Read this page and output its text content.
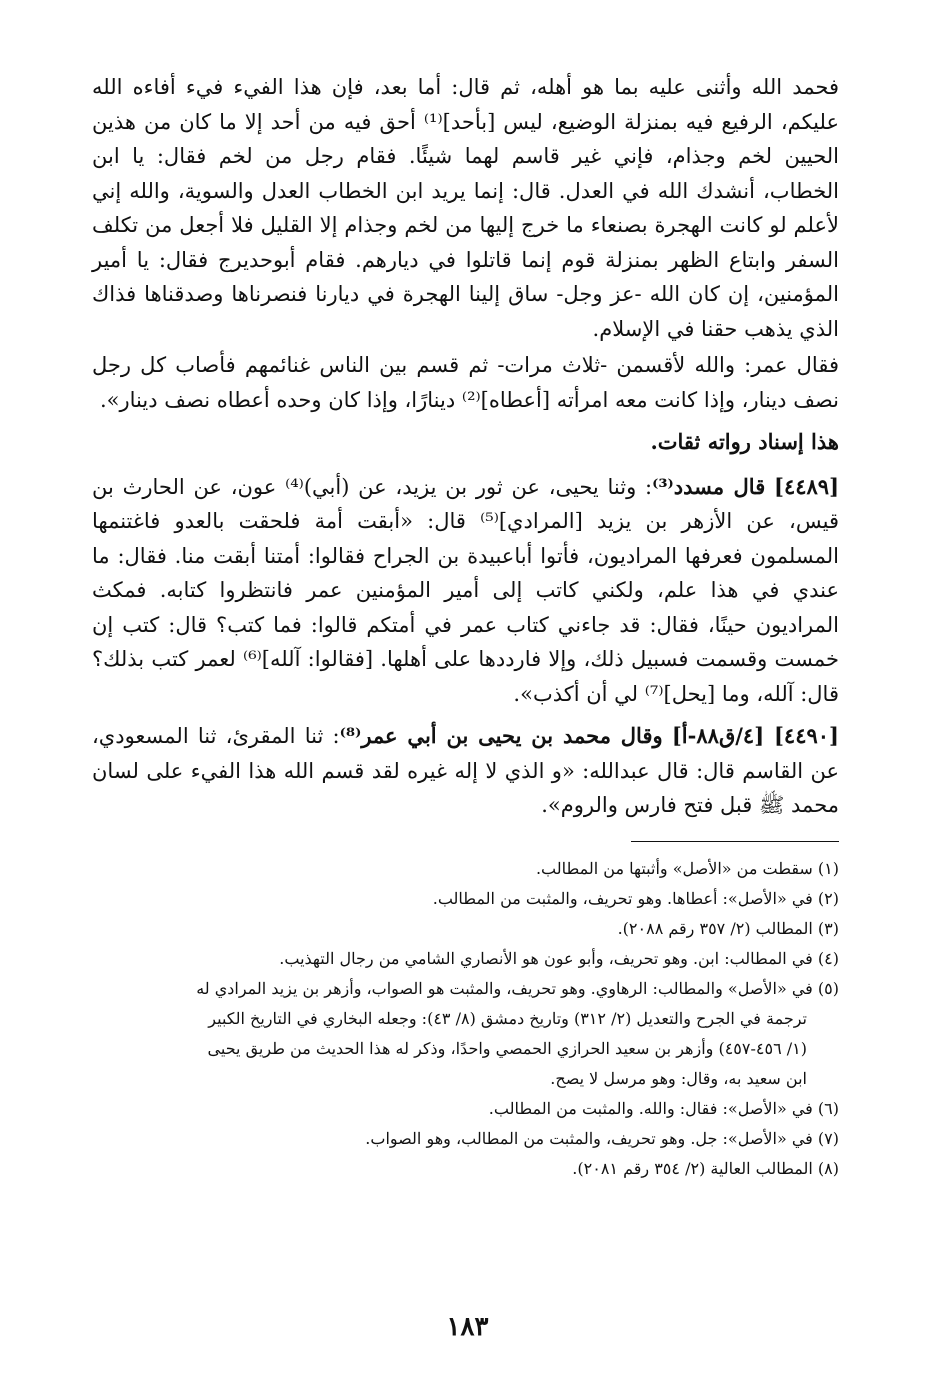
فحمد الله وأثنى عليه بما هو أهله، ثم قال: أما بعد، فإن هذا الفيء فيء أفاءه الله عليكم، الرفيع فيه بمنزلة الوضيع، ليس [بأحد]⁽¹⁾ أحق فيه من أحد إلا ما كان من هذين الحيين لخم وجذام، فإني غير قاسم لهما شيئًا. فقام رجل من لخم فقال: يا ابن الخطاب، أنشدك الله في العدل. قال: إنما يريد ابن الخطاب العدل والسوية، والله إني لأعلم لو كانت الهجرة بصنعاء ما خرج إليها من لخم وجذام إلا القليل فلا أجعل من تكلف السفر وابتاع الظهر بمنزلة قوم إنما قاتلوا في ديارهم. فقام أبوحديرج فقال: يا أمير المؤمنين، إن كان الله -عز وجل- ساق إلينا الهجرة في ديارنا فنصرناها وصدقناها فذاك الذي يذهب حقنا في الإسلام.

فقال عمر: والله لأقسمن -ثلاث مرات- ثم قسم بين الناس غنائمهم فأصاب كل رجل نصف دينار، وإذا كانت معه امرأته [أعطاه]⁽²⁾ دينارًا، وإذا كان وحده أعطاه نصف دينار».

هذا إسناد رواته ثقات.

[٤٤٨٩] قال مسدد⁽³⁾: وثنا يحيى، عن ثور بن يزيد، عن (أبي)⁽⁴⁾ عون، عن الحارث بن قيس، عن الأزهر بن يزيد [المرادي]⁽⁵⁾ قال: «أبقت أمة فلحقت بالعدو فاغتنمها المسلمون فعرفها المراديون، فأتوا أباعبيدة بن الجراح فقالوا: أمتنا أبقت منا. فقال: ما عندي في هذا علم، ولكني كاتب إلى أمير المؤمنين عمر فانتظروا كتابه. فمكث المراديون حينًا، فقال: قد جاءني كتاب عمر في أمتكم قالوا: فما كتب؟ قال: كتب إن خمست وقسمت فسبيل ذلك، وإلا فارددها على أهلها. [فقالوا: آلله]⁽⁶⁾ لعمر كتب بذلك؟ قال: آلله، وما [يحل]⁽⁷⁾ لي أن أكذب».

[٤٤٩٠] [٤/ق٨٨-أ] وقال محمد بن يحيى بن أبي عمر⁽⁸⁾: ثنا المقرئ، ثنا المسعودي، عن القاسم قال: قال عبدالله: «و الذي لا إله غيره لقد قسم الله هذا الفيء على لسان محمد ﷺ قبل فتح فارس والروم».

(١) سقطت من «الأصل» وأثبتها من المطالب.

(٢) في «الأصل»: أعطاها. وهو تحريف، والمثبت من المطالب.

(٣) المطالب (٢/ ٣٥٧ رقم ٢٠٨٨).

(٤) في المطالب: ابن. وهو تحريف، وأبو عون هو الأنصاري الشامي من رجال التهذيب.

(٥) في «الأصل» والمطالب: الرهاوي. وهو تحريف، والمثبت هو الصواب، وأزهر بن يزيد المرادي له

ترجمة في الجرح والتعديل (٢/ ٣١٢) وتاريخ دمشق (٨/ ٤٣): وجعله البخاري في التاريخ الكبير

(١/ ٤٥٦-٤٥٧) وأزهر بن سعيد الحرازي الحمصي واحدًا، وذكر له هذا الحديث من طريق يحيى

ابن سعيد به، وقال: وهو مرسل لا يصح.

(٦) في «الأصل»: فقال: والله. والمثبت من المطالب.

(٧) في «الأصل»: جل. وهو تحريف، والمثبت من المطالب، وهو الصواب.

(٨) المطالب العالية (٢/ ٣٥٤ رقم ٢٠٨١).

١٨٣
